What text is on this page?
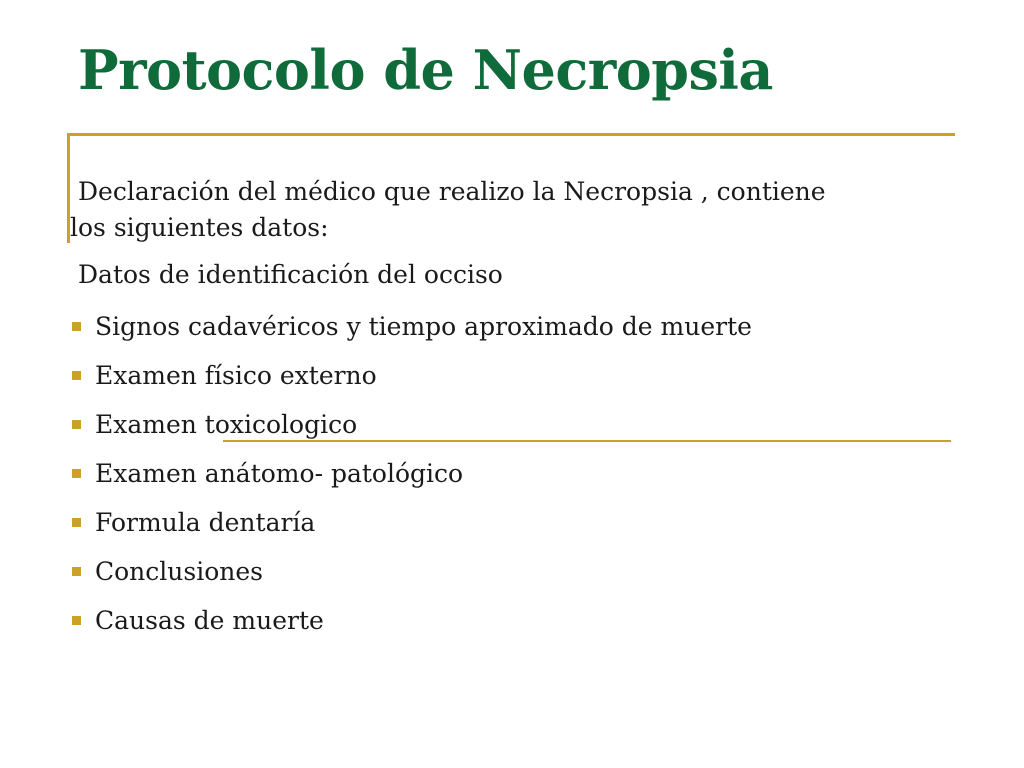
Protocolo de Necropsia
Declaración del médico que realizo la Necropsia , contiene
los siguientes datos:
Datos de identificación del occiso
Signos cadavéricos y tiempo aproximado de muerte
Examen físico externo
Examen toxicologico
Examen anátomo- patológico
Formula dentaría
Conclusiones
Causas de muerte
